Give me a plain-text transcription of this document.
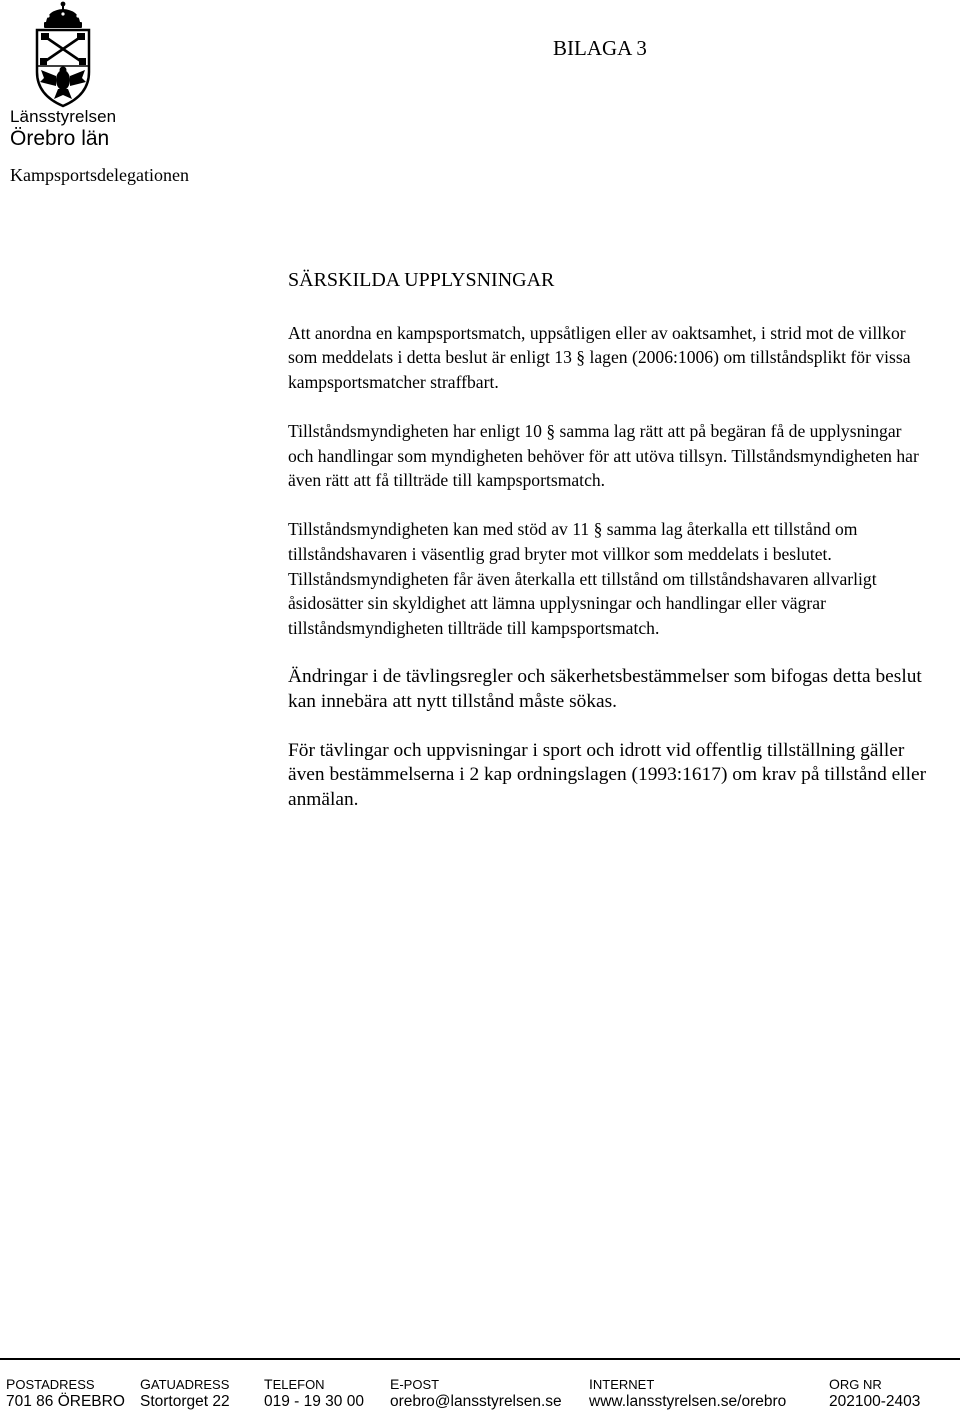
Länsstyrelsen
Örebro län
Kampsportsdelegationen
BILAGA 3
SÄRSKILDA UPPLYSNINGAR

Att anordna en kampsportsmatch, uppsåtligen eller av oaktsamhet, i strid mot de villkor som meddelats i detta beslut är enligt 13 § lagen (2006:1006) om tillståndsplikt för vissa kampsportsmatcher straffbart.

Tillståndsmyndigheten har enligt 10 § samma lag rätt att på begäran få de upplysningar och handlingar som myndigheten behöver för att utöva tillsyn. Tillståndsmyndigheten har även rätt att få tillträde till kampsportsmatch.

Tillståndsmyndigheten kan med stöd av 11 § samma lag återkalla ett tillstånd om tillståndshavaren i väsentlig grad bryter mot villkor som meddelats i beslutet. Tillståndsmyndigheten får även återkalla ett tillstånd om tillståndshavaren allvarligt åsidosätter sin skyldighet att lämna upplysningar och handlingar eller vägrar tillståndsmyndigheten tillträde till kampsportsmatch.

Ändringar i de tävlingsregler och säkerhetsbestämmelser som bifogas detta beslut kan innebära att nytt tillstånd måste sökas.

För tävlingar och uppvisningar i sport och idrott vid offentlig tillställning gäller även bestämmelserna i 2 kap ordningslagen (1993:1617) om krav på tillstånd eller anmälan.

POSTADRESS
701 86 ÖREBRO
GATUADRESS
Stortorget 22
TELEFON
019 - 19 30 00
E-POST
orebro@lansstyrelsen.se
INTERNET
www.lansstyrelsen.se/orebro
ORG NR
202100-2403
